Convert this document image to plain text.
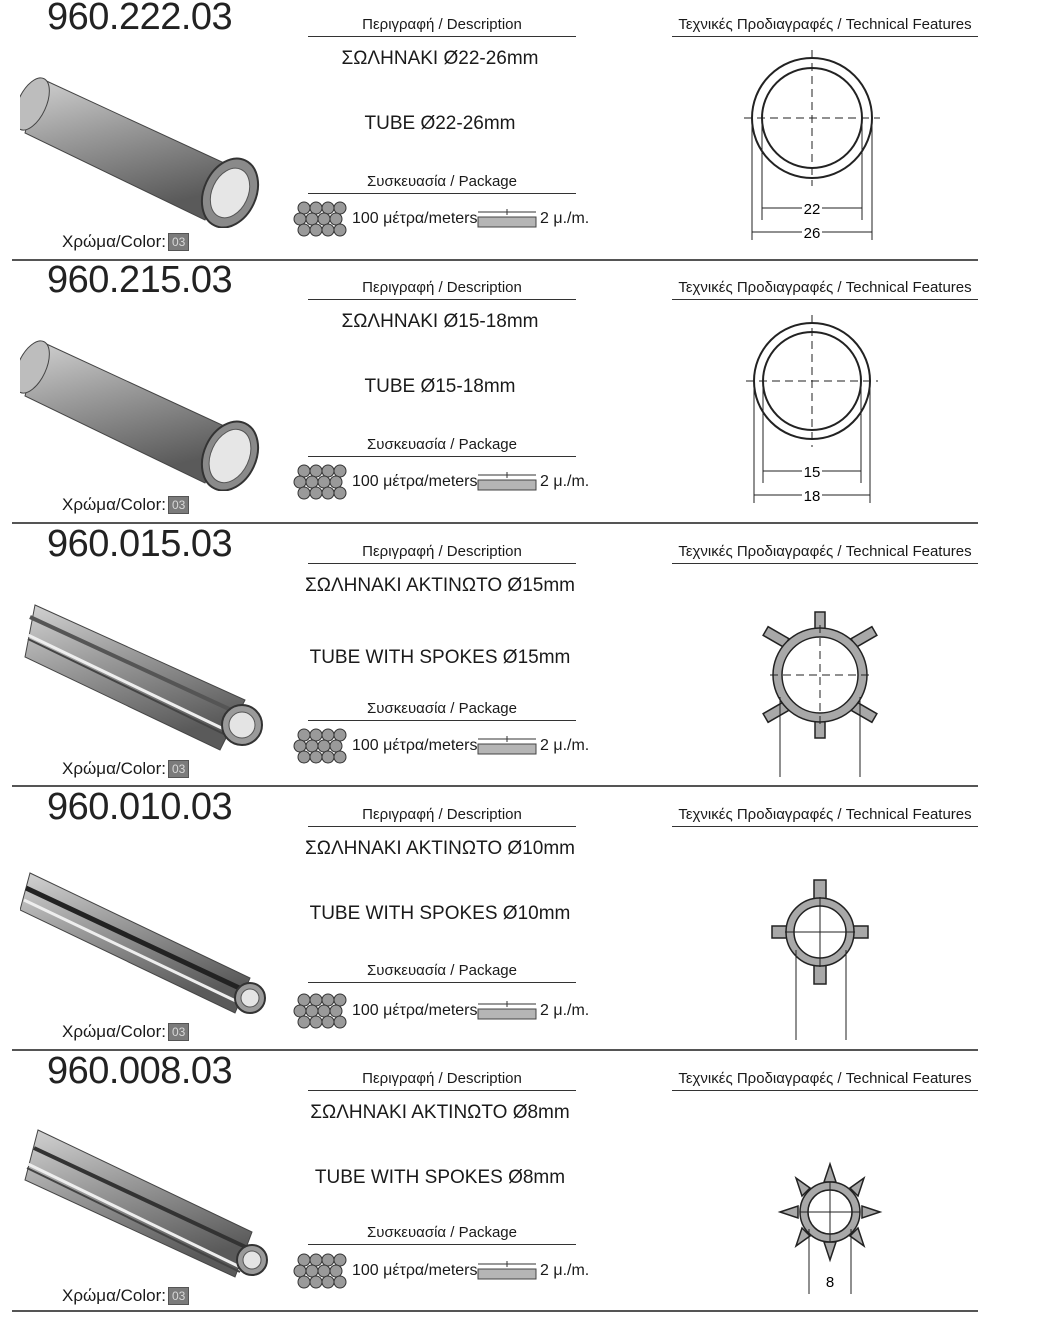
960.222.03
Χρώμα/Color: 03
Περιγραφή / Description
ΣΩΛΗΝΑΚΙ Ø22-26mm
TUBE Ø22-26mm
Συσκευασία / Package
100 μέτρα/meters	2 μ./m.
Τεχνικές Προδιαγραφές / Technical Features
22
26
960.215.03
Χρώμα/Color: 03
Περιγραφή / Description
ΣΩΛΗΝΑΚΙ Ø15-18mm
TUBE Ø15-18mm
Συσκευασία / Package
100 μέτρα/meters	2 μ./m.
Τεχνικές Προδιαγραφές / Technical Features
15
18
960.015.03
Χρώμα/Color: 03
Περιγραφή / Description
ΣΩΛΗΝΑΚΙ ΑΚΤΙΝΩΤΟ Ø15mm
TUBE WITH SPOKES Ø15mm
Συσκευασία / Package
100 μέτρα/meters	2 μ./m.
Τεχνικές Προδιαγραφές / Technical Features
960.010.03
Χρώμα/Color: 03
Περιγραφή / Description
ΣΩΛΗΝΑΚΙ ΑΚΤΙΝΩΤΟ Ø10mm
TUBE WITH SPOKES Ø10mm
Συσκευασία / Package
100 μέτρα/meters	2 μ./m.
Τεχνικές Προδιαγραφές / Technical Features
960.008.03
Χρώμα/Color: 03
Περιγραφή / Description
ΣΩΛΗΝΑΚΙ ΑΚΤΙΝΩΤΟ Ø8mm
TUBE WITH SPOKES Ø8mm
Συσκευασία / Package
100 μέτρα/meters	2 μ./m.
Τεχνικές Προδιαγραφές / Technical Features
8
